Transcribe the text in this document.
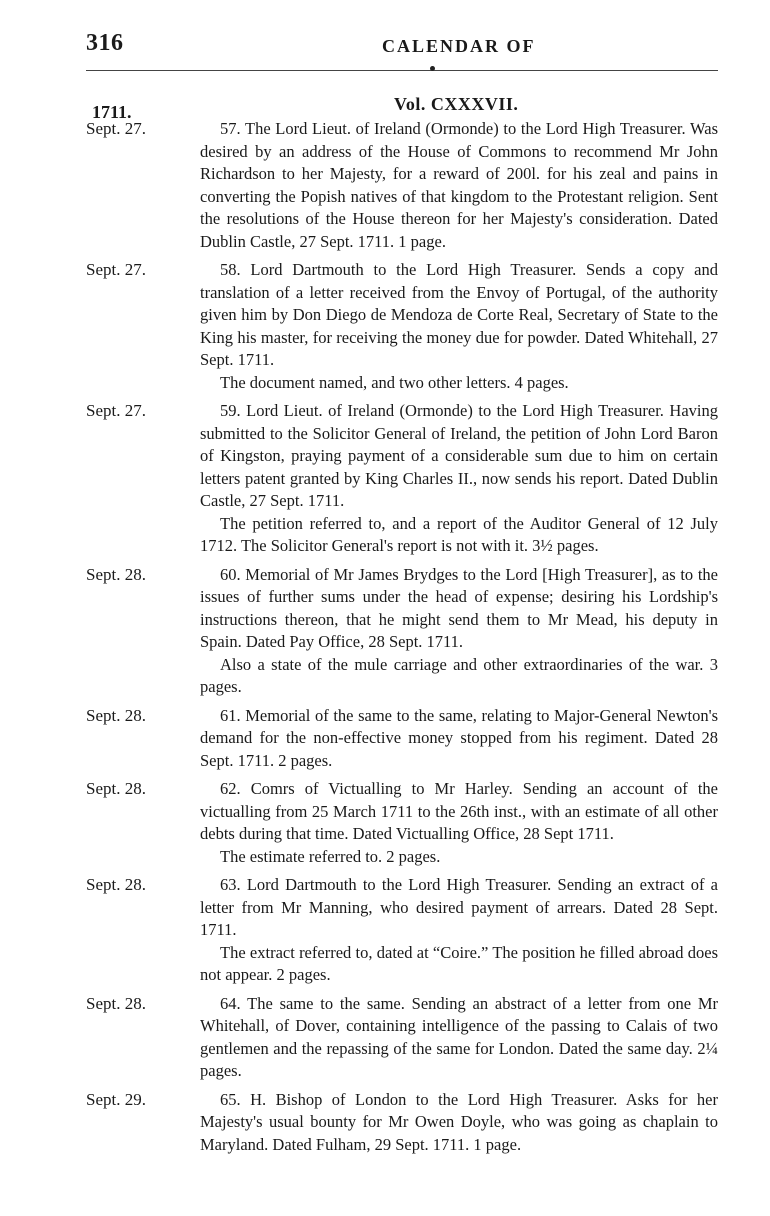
316	CALENDAR OF
1711.	Vol. CXXXVII.
Sept. 27.	57. The Lord Lieut. of Ireland (Ormonde) to the Lord High Treasurer. Was desired by an address of the House of Commons to recommend Mr John Richardson to her Majesty, for a reward of 200l. for his zeal and pains in converting the Popish natives of that kingdom to the Protestant religion. Sent the resolutions of the House thereon for her Majesty's consideration. Dated Dublin Castle, 27 Sept. 1711. 1 page.

Sept. 27.	58. Lord Dartmouth to the Lord High Treasurer. Sends a copy and translation of a letter received from the Envoy of Portugal, of the authority given him by Don Diego de Mendoza de Corte Real, Secretary of State to the King his master, for receiving the money due for powder. Dated Whitehall, 27 Sept. 1711.

The document named, and two other letters. 4 pages.

Sept. 27.	59. Lord Lieut. of Ireland (Ormonde) to the Lord High Treasurer. Having submitted to the Solicitor General of Ireland, the petition of John Lord Baron of Kingston, praying payment of a considerable sum due to him on certain letters patent granted by King Charles II., now sends his report. Dated Dublin Castle, 27 Sept. 1711.

The petition referred to, and a report of the Auditor General of 12 July 1712. The Solicitor General's report is not with it. 3½ pages.

Sept. 28.	60. Memorial of Mr James Brydges to the Lord [High Treasurer], as to the issues of further sums under the head of expense; desiring his Lordship's instructions thereon, that he might send them to Mr Mead, his deputy in Spain. Dated Pay Office, 28 Sept. 1711.

Also a state of the mule carriage and other extraordinaries of the war. 3 pages.

Sept. 28.	61. Memorial of the same to the same, relating to Major-General Newton's demand for the non-effective money stopped from his regiment. Dated 28 Sept. 1711. 2 pages.

Sept. 28.	62. Comrs of Victualling to Mr Harley. Sending an account of the victualling from 25 March 1711 to the 26th inst., with an estimate of all other debts during that time. Dated Victualling Office, 28 Sept 1711.

The estimate referred to. 2 pages.

Sept. 28.	63. Lord Dartmouth to the Lord High Treasurer. Sending an extract of a letter from Mr Manning, who desired payment of arrears. Dated 28 Sept. 1711.

The extract referred to, dated at “Coire.” The position he filled abroad does not appear. 2 pages.

Sept. 28.	64. The same to the same. Sending an abstract of a letter from one Mr Whitehall, of Dover, containing intelligence of the passing to Calais of two gentlemen and the repassing of the same for London. Dated the same day. 2¼ pages.

Sept. 29.	65. H. Bishop of London to the Lord High Treasurer. Asks for her Majesty's usual bounty for Mr Owen Doyle, who was going as chaplain to Maryland. Dated Fulham, 29 Sept. 1711. 1 page.
